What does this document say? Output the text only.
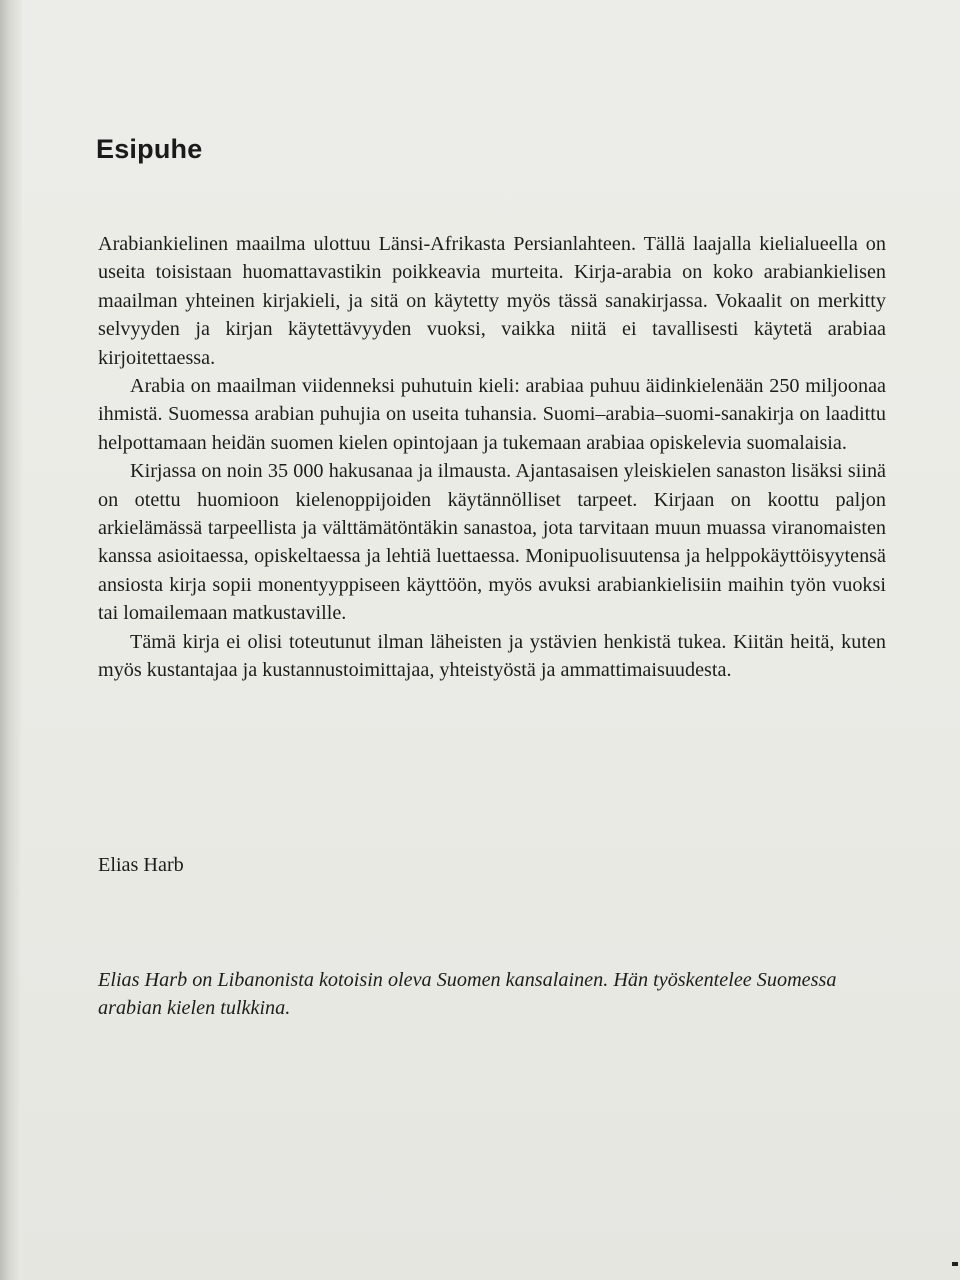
Esipuhe

Arabiankielinen maailma ulottuu Länsi-Afrikasta Persianlahteen. Tällä laajalla kielialueella on useita toisistaan huomattavastikin poikkeavia murteita. Kirja-arabia on koko arabiankielisen maailman yhteinen kirjakieli, ja sitä on käytetty myös tässä sanakirjassa. Vokaalit on merkitty selvyyden ja kirjan käytettävyyden vuoksi, vaikka niitä ei tavallisesti käytetä arabiaa kirjoitettaessa.

Arabia on maailman viidenneksi puhutuin kieli: arabiaa puhuu äidinkielenään 250 miljoonaa ihmistä. Suomessa arabian puhujia on useita tuhansia. Suomi–arabia–suomi-sanakirja on laadittu helpottamaan heidän suomen kielen opintojaan ja tukemaan arabiaa opiskelevia suomalaisia.

Kirjassa on noin 35 000 hakusanaa ja ilmausta. Ajantasaisen yleiskielen sanaston lisäksi siinä on otettu huomioon kielenoppijoiden käytännölliset tarpeet. Kirjaan on koottu paljon arkielämässä tarpeellista ja välttämätöntäkin sanastoa, jota tarvitaan muun muassa viranomaisten kanssa asioitaessa, opiskeltaessa ja lehtiä luettaessa. Monipuolisuutensa ja helppokäyttöisyytensä ansiosta kirja sopii monentyyppiseen käyttöön, myös avuksi arabiankielisiin maihin työn vuoksi tai lomailemaan matkustaville.

Tämä kirja ei olisi toteutunut ilman läheisten ja ystävien henkistä tukea. Kiitän heitä, kuten myös kustantajaa ja kustannustoimittajaa, yhteistyöstä ja ammattimaisuudesta.

Elias Harb

Elias Harb on Libanonista kotoisin oleva Suomen kansalainen. Hän työskentelee Suomessa arabian kielen tulkkina.
